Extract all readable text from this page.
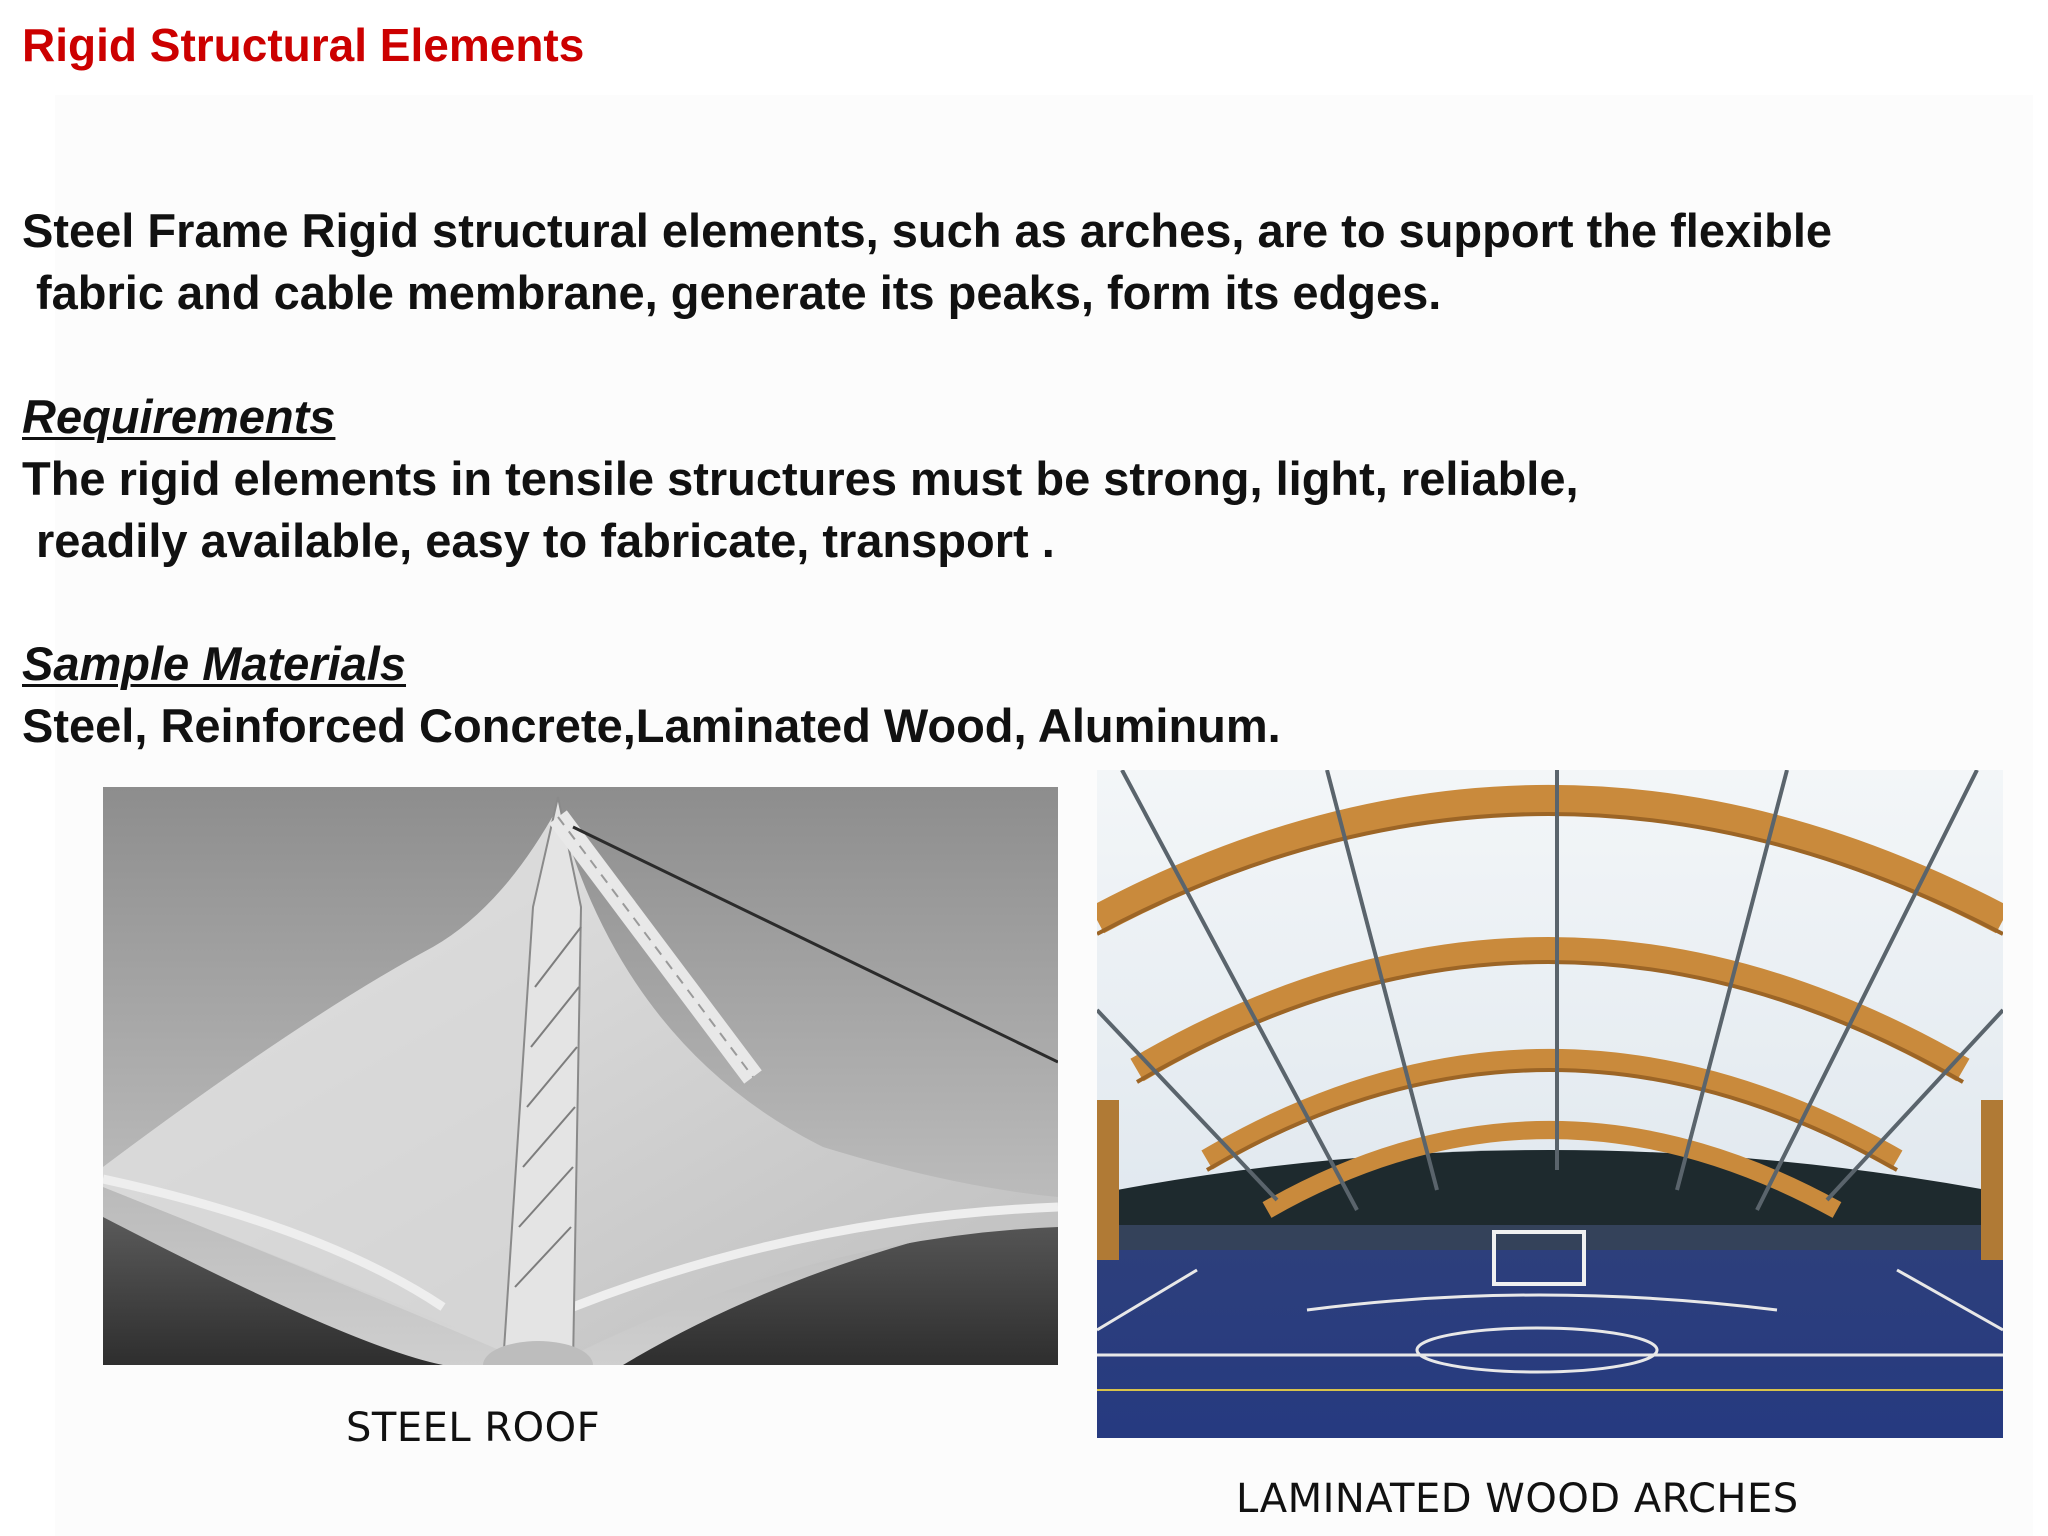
Rigid Structural Elements
Steel Frame Rigid structural elements, such as arches, are to support the flexible
fabric and cable membrane, generate its peaks, form its edges.
Requirements
The rigid elements in tensile structures must be strong, light, reliable,
readily available, easy to fabricate, transport .
Sample Materials
Steel, Reinforced Concrete,Laminated Wood, Aluminum.
STEEL ROOF
LAMINATED WOOD ARCHES
